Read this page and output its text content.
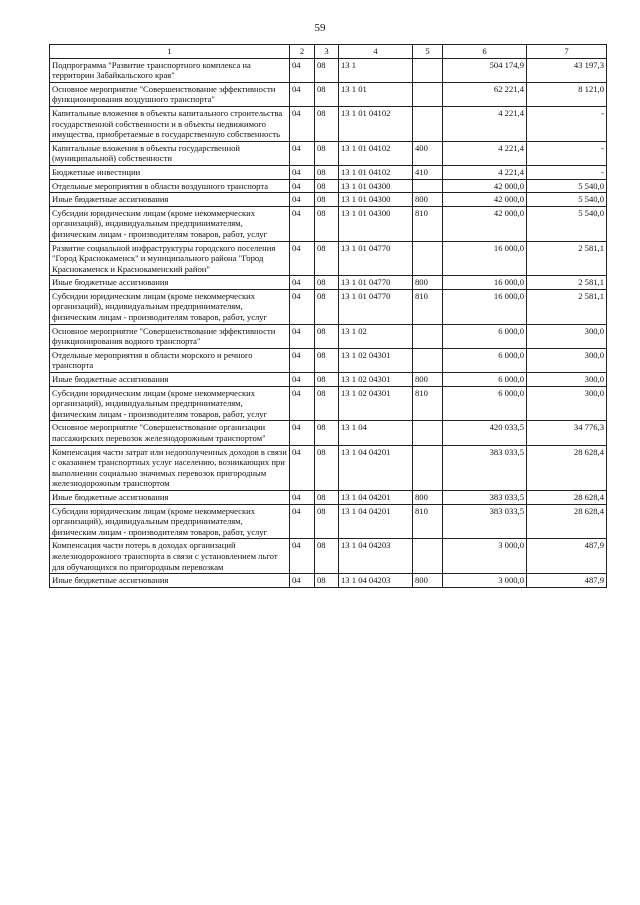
59
1	2	3	4	5	6	7
Подпрограмма "Развитие транспортного комплекса на территории Забайкальского края"	04	08	13 1		504 174,9	43 197,3
Основное мероприятие "Совершенствование эффективности функционирования воздушного транспорта"	04	08	13 1 01		62 221,4	8 121,0
Капитальные вложения в объекты капитального строительства государственной собственности и в объекты недвижимого имущества, приобретаемые в государственную собственность	04	08	13 1 01 04102		4 221,4	-
Капитальные вложения в объекты государственной (муниципальной) собственности	04	08	13 1 01 04102	400	4 221,4	-
Бюджетные инвестиции	04	08	13 1 01 04102	410	4 221,4	-
Отдельные мероприятия в области воздушного транспорта	04	08	13 1 01 04300		42 000,0	5 540,0
Иные бюджетные ассигнования	04	08	13 1 01 04300	800	42 000,0	5 540,0
Субсидии юридическим лицам (кроме некоммерческих организаций), индивидуальным предпринимателям, физическим лицам - производителям товаров, работ, услуг	04	08	13 1 01 04300	810	42 000,0	5 540,0
Развитие социальной инфраструктуры городского поселения "Город Краснокаменск" и муниципального района "Город Краснокаменск и Краснокаменский район"	04	08	13 1 01 04770		16 000,0	2 581,1
Иные бюджетные ассигнования	04	08	13 1 01 04770	800	16 000,0	2 581,1
Субсидии юридическим лицам (кроме некоммерческих организаций), индивидуальным предпринимателям, физическим лицам - производителям товаров, работ, услуг	04	08	13 1 01 04770	810	16 000,0	2 581,1
Основное мероприятие "Совершенствование эффективности функционирования водного транспорта"	04	08	13 1 02		6 000,0	300,0
Отдельные мероприятия в области морского и речного транспорта	04	08	13 1 02 04301		6 000,0	300,0
Иные бюджетные ассигнования	04	08	13 1 02 04301	800	6 000,0	300,0
Субсидии юридическим лицам (кроме некоммерческих организаций), индивидуальным предпринимателям, физическим лицам - производителям товаров, работ, услуг	04	08	13 1 02 04301	810	6 000,0	300,0
Основное мероприятие "Совершенствование организации пассажирских перевозок железнодорожным транспортом"	04	08	13 1 04		420 033,5	34 776,3
Компенсация части затрат или недополученных доходов в связи с оказанием транспортных услуг населению, возникающих при выполнении социально значимых перевозок пригородным железнодорожным транспортом	04	08	13 1 04 04201		383 033,5	28 628,4
Иные бюджетные ассигнования	04	08	13 1 04 04201	800	383 033,5	28 628,4
Субсидии юридическим лицам (кроме некоммерческих организаций), индивидуальным предпринимателям, физическим лицам - производителям товаров, работ, услуг	04	08	13 1 04 04201	810	383 033,5	28 628,4
Компенсация части потерь в доходах организаций железнодорожного транспорта в связи с установлением льгот для обучающихся по пригородным перевозкам	04	08	13 1 04 04203		3 000,0	487,9
Иные бюджетные ассигнования	04	08	13 1 04 04203	800	3 000,0	487,9
